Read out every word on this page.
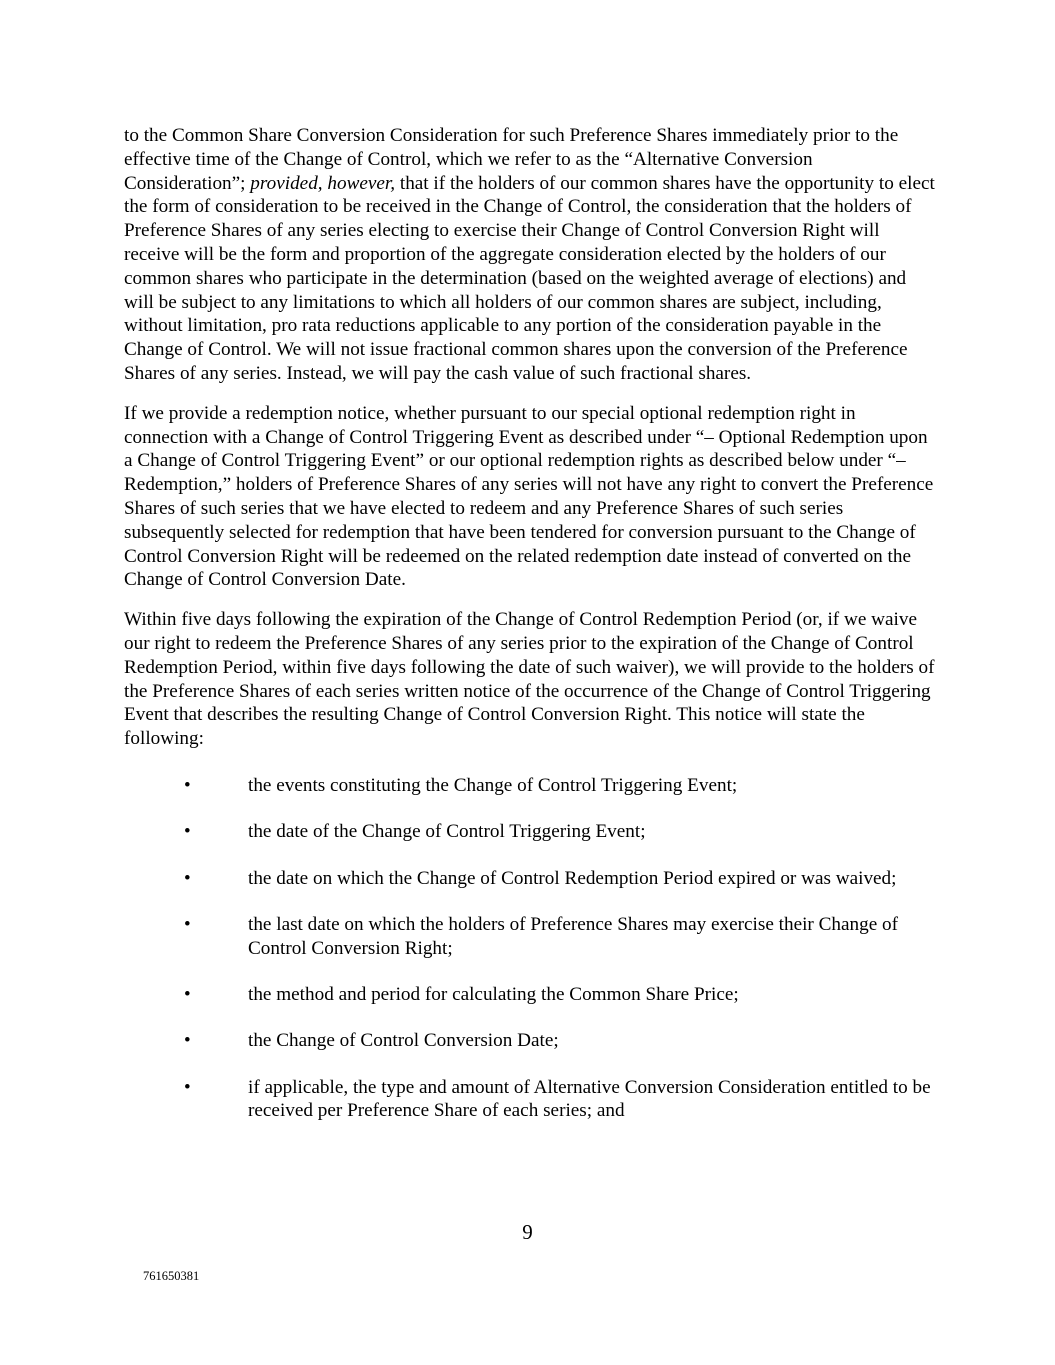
to the Common Share Conversion Consideration for such Preference Shares immediately prior to the effective time of the Change of Control, which we refer to as the “Alternative Conversion Consideration”; provided, however, that if the holders of our common shares have the opportunity to elect the form of consideration to be received in the Change of Control, the consideration that the holders of Preference Shares of any series electing to exercise their Change of Control Conversion Right will receive will be the form and proportion of the aggregate consideration elected by the holders of our common shares who participate in the determination (based on the weighted average of elections) and will be subject to any limitations to which all holders of our common shares are subject, including, without limitation, pro rata reductions applicable to any portion of the consideration payable in the Change of Control. We will not issue fractional common shares upon the conversion of the Preference Shares of any series. Instead, we will pay the cash value of such fractional shares.

If we provide a redemption notice, whether pursuant to our special optional redemption right in connection with a Change of Control Triggering Event as described under “– Optional Redemption upon a Change of Control Triggering Event” or our optional redemption rights as described below under “– Redemption,” holders of Preference Shares of any series will not have any right to convert the Preference Shares of such series that we have elected to redeem and any Preference Shares of such series subsequently selected for redemption that have been tendered for conversion pursuant to the Change of Control Conversion Right will be redeemed on the related redemption date instead of converted on the Change of Control Conversion Date.

Within five days following the expiration of the Change of Control Redemption Period (or, if we waive our right to redeem the Preference Shares of any series prior to the expiration of the Change of Control Redemption Period, within five days following the date of such waiver), we will provide to the holders of the Preference Shares of each series written notice of the occurrence of the Change of Control Triggering Event that describes the resulting Change of Control Conversion Right. This notice will state the following:

•	the events constituting the Change of Control Triggering Event;
•	the date of the Change of Control Triggering Event;
•	the date on which the Change of Control Redemption Period expired or was waived;
•	the last date on which the holders of Preference Shares may exercise their Change of Control Conversion Right;
•	the method and period for calculating the Common Share Price;
•	the Change of Control Conversion Date;
•	if applicable, the type and amount of Alternative Conversion Consideration entitled to be received per Preference Share of each series; and
9
761650381
